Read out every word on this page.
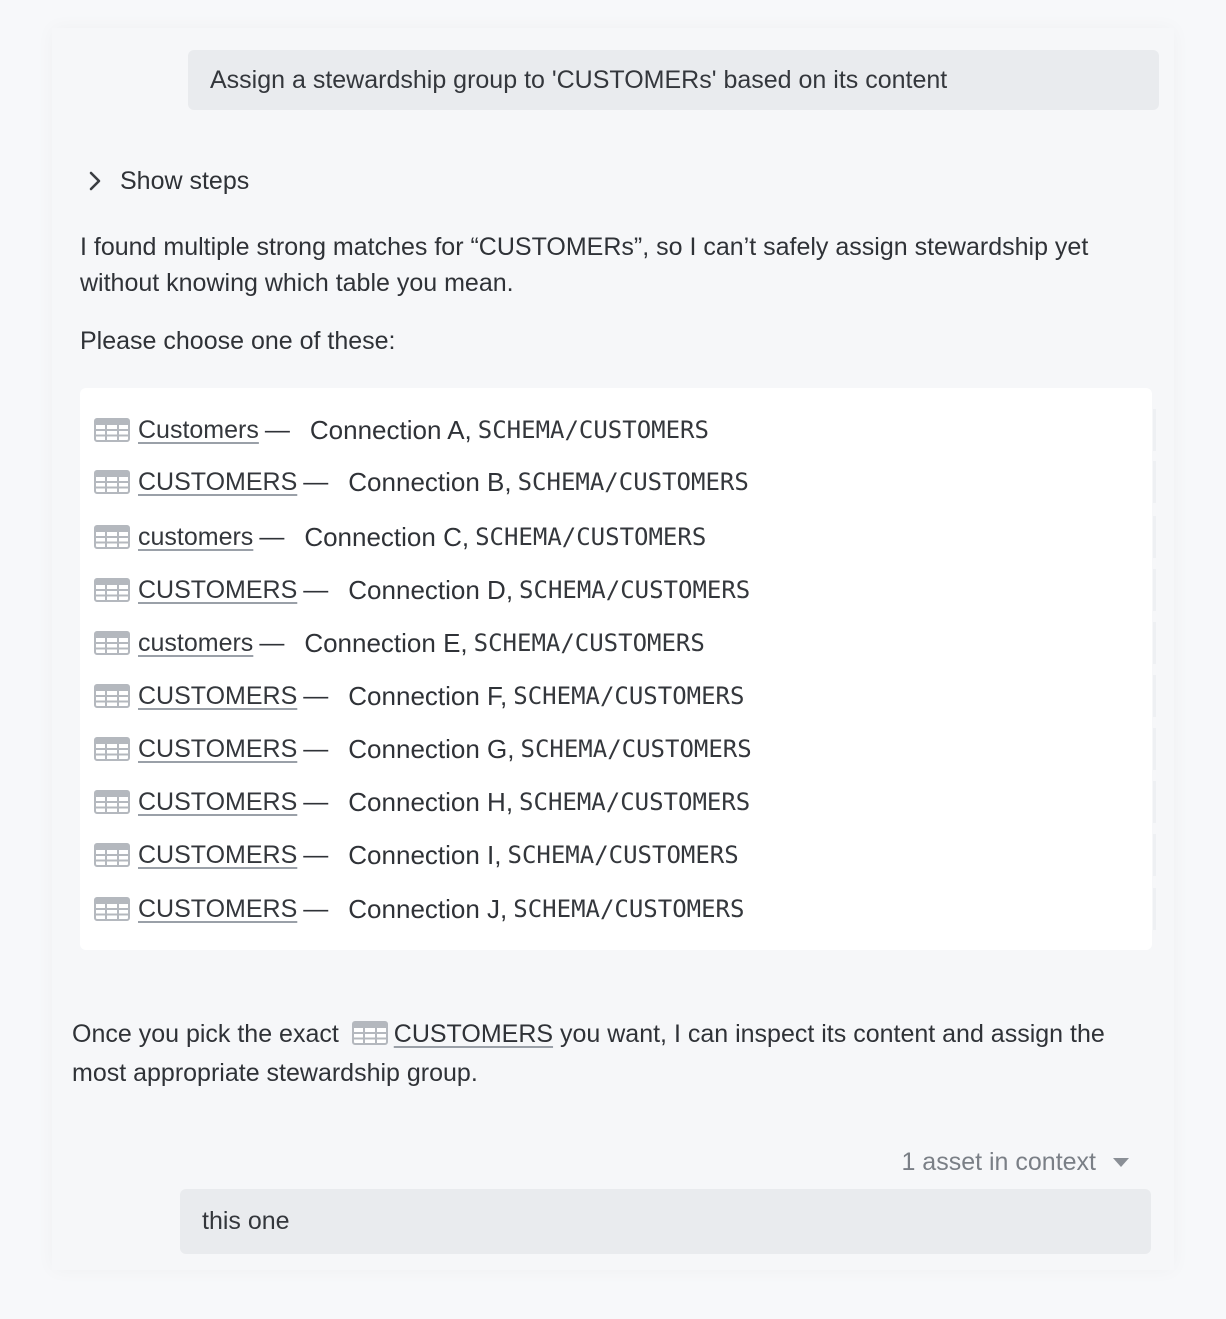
Assign a stewardship group to 'CUSTOMERs' based on its content
Show steps

I found multiple strong matches for “CUSTOMERs”, so I can’t safely assign stewardship yet without knowing which table you mean.

Please choose one of these:

Customers — Connection A, SCHEMA/CUSTOMERS
CUSTOMERS — Connection B, SCHEMA/CUSTOMERS
customers — Connection C, SCHEMA/CUSTOMERS
CUSTOMERS — Connection D, SCHEMA/CUSTOMERS
customers — Connection E, SCHEMA/CUSTOMERS
CUSTOMERS — Connection F, SCHEMA/CUSTOMERS
CUSTOMERS — Connection G, SCHEMA/CUSTOMERS
CUSTOMERS — Connection H, SCHEMA/CUSTOMERS
CUSTOMERS — Connection I, SCHEMA/CUSTOMERS
CUSTOMERS — Connection J, SCHEMA/CUSTOMERS

Once you pick the exact CUSTOMERS you want, I can inspect its content and assign the most appropriate stewardship group.

1 asset in context
this one
